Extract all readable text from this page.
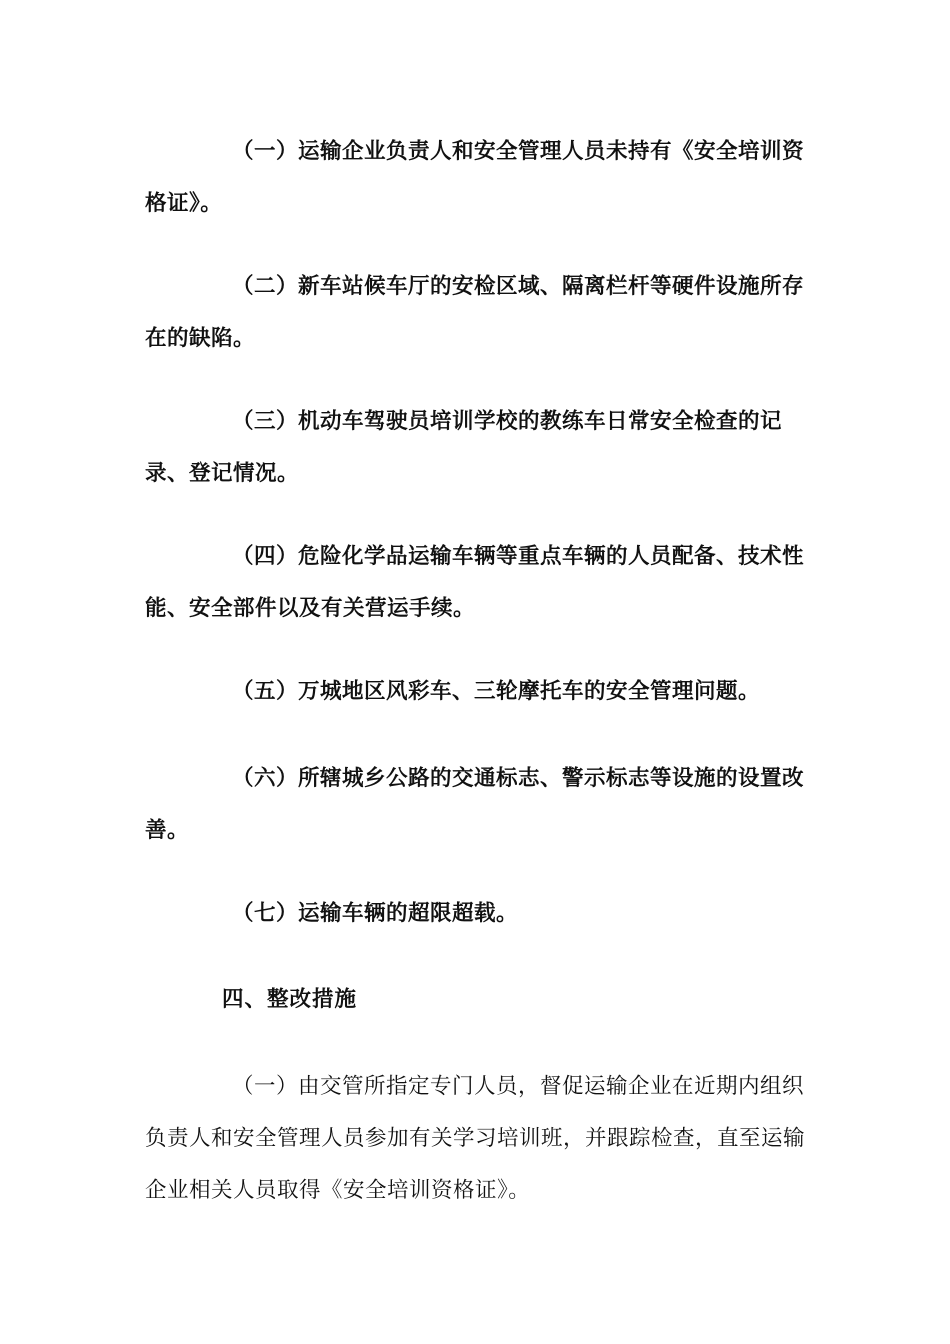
（一）运输企业负责人和安全管理人员未持有《安全培训资格证》。

（二）新车站候车厅的安检区域、隔离栏杆等硬件设施所存在的缺陷。

（三）机动车驾驶员培训学校的教练车日常安全检查的记录、登记情况。

（四）危险化学品运输车辆等重点车辆的人员配备、技术性能、安全部件以及有关营运手续。

（五）万城地区风彩车、三轮摩托车的安全管理问题。

（六）所辖城乡公路的交通标志、警示标志等设施的设置改善。

（七）运输车辆的超限超载。

四、整改措施

（一）由交管所指定专门人员，督促运输企业在近期内组织负责人和安全管理人员参加有关学习培训班，并跟踪检查，直至运输企业相关人员取得《安全培训资格证》。
